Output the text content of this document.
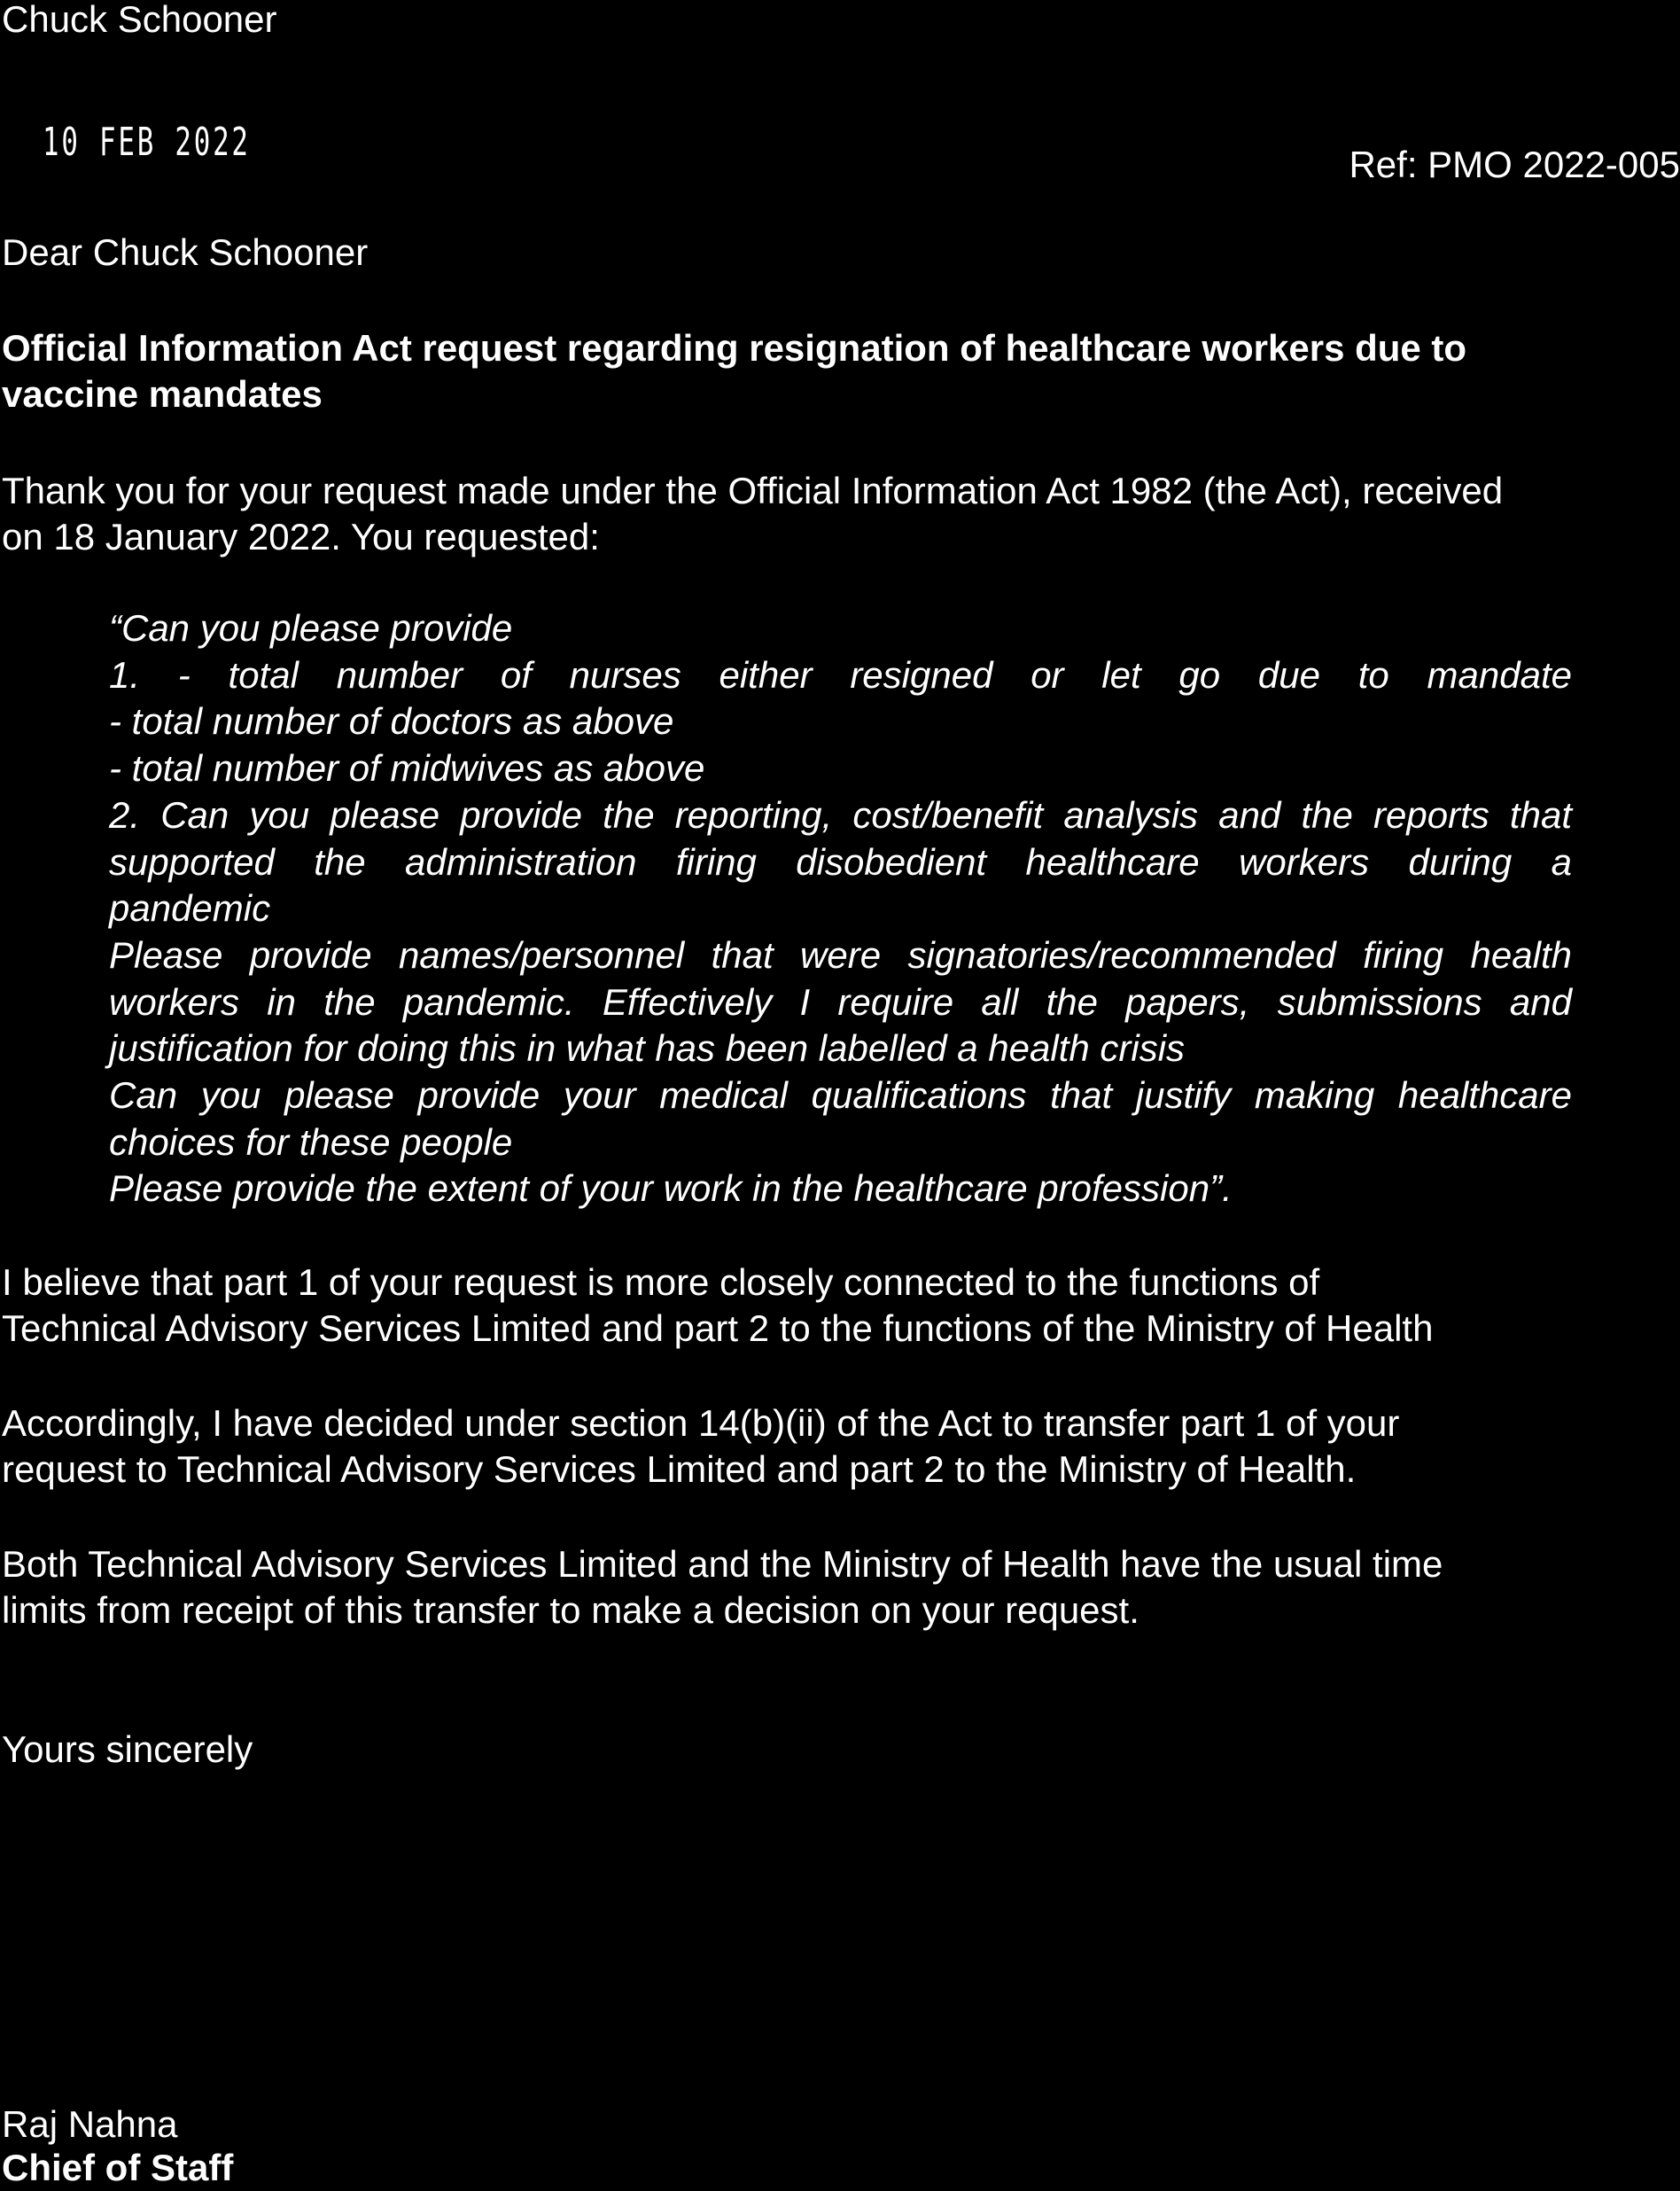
Chuck Schooner
10 FEB 2022	Ref: PMO 2022-005
Dear Chuck Schooner
Official Information Act request regarding resignation of healthcare workers due to
vaccine mandates
Thank you for your request made under the Official Information Act 1982 (the Act), received
on 18 January 2022. You requested:
“Can you please provide
1. - total number of nurses either resigned or let go due to mandate
- total number of doctors as above
- total number of midwives as above
2. Can you please provide the reporting, cost/benefit analysis and the reports that
supported the administration firing disobedient healthcare workers during a
pandemic
Please provide names/personnel that were signatories/recommended firing health
workers in the pandemic. Effectively I require all the papers, submissions and
justification for doing this in what has been labelled a health crisis
Can you please provide your medical qualifications that justify making healthcare
choices for these people
Please provide the extent of your work in the healthcare profession”.
I believe that part 1 of your request is more closely connected to the functions of
Technical Advisory Services Limited and part 2 to the functions of the Ministry of Health
Accordingly, I have decided under section 14(b)(ii) of the Act to transfer part 1 of your
request to Technical Advisory Services Limited and part 2 to the Ministry of Health.
Both Technical Advisory Services Limited and the Ministry of Health have the usual time
limits from receipt of this transfer to make a decision on your request.
Yours sincerely
Raj Nahna
Chief of Staff
